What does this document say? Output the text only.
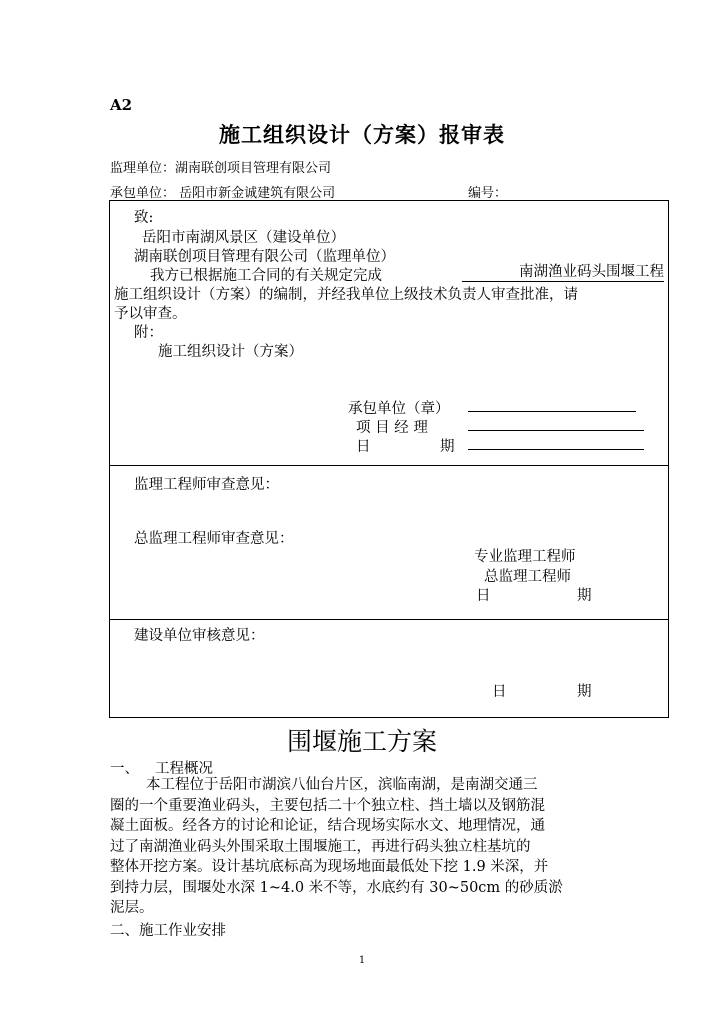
A2
施工组织设计（方案）报审表
监理单位：湖南联创项目管理有限公司
承包单位： 岳阳市新金诚建筑有限公司	编号：
致:
岳阳市南湖风景区（建设单位）
湖南联创项目管理有限公司（监理单位）
我方已根据施工合同的有关规定完成	南湖渔业码头围堰工程
施工组织设计（方案）的编制，并经我单位上级技术负责人审查批准，请
予以审查。
附：
施工组织设计（方案）
承包单位（章）
项 目 经 理
日	期
监理工程师审查意见：
总监理工程师审查意见：
专业监理工程师
总监理工程师
日	期
建设单位审核意见：
日	期
围堰施工方案
一、 工程概况
本工程位于岳阳市湖滨八仙台片区，滨临南湖，是南湖交通三
圈的一个重要渔业码头，主要包括二十个独立柱、挡土墙以及钢筋混
凝土面板。经各方的讨论和论证，结合现场实际水文、地理情况，通
过了南湖渔业码头外围采取土围堰施工，再进行码头独立柱基坑的
整体开挖方案。设计基坑底标高为现场地面最低处下挖 1.9 米深，并
到持力层，围堰处水深 1~4.0 米不等，水底约有 30~50cm 的砂质淤
泥层。
二、施工作业安排
1
